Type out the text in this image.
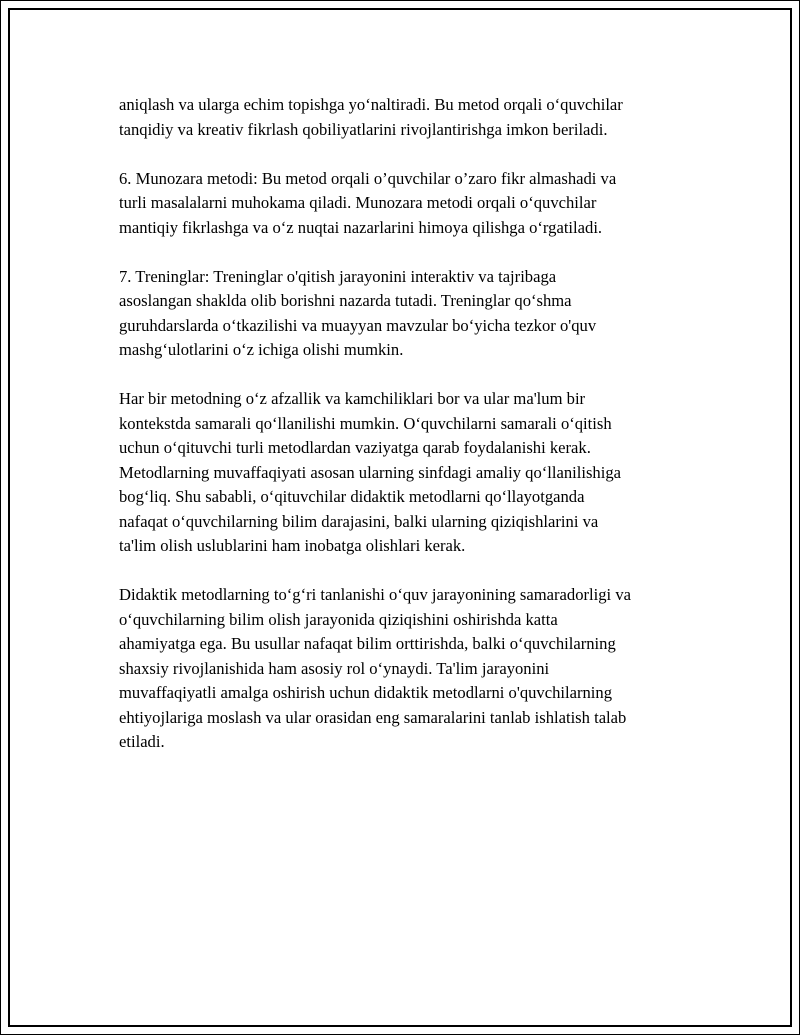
aniqlash va ularga echim topishga yo‘naltiradi. Bu metod orqali o‘quvchilar
tanqidiy va kreativ fikrlash qobiliyatlarini rivojlantirishga imkon beriladi.

6. Munozara metodi: Bu metod orqali o’quvchilar o’zaro fikr almashadi va
turli masalalarni muhokama qiladi. Munozara metodi orqali o‘quvchilar
mantiqiy fikrlashga va o‘z nuqtai nazarlarini himoya qilishga o‘rgatiladi.

7. Treninglar: Treninglar o'qitish jarayonini interaktiv va tajribaga
asoslangan shaklda olib borishni nazarda tutadi. Treninglar qo‘shma
guruhdarslarda o‘tkazilishi va muayyan mavzular bo‘yicha tezkor o'quv
mashg‘ulotlarini o‘z ichiga olishi mumkin.

Har bir metodning o‘z afzallik va kamchiliklari bor va ular ma'lum bir
kontekstda samarali qo‘llanilishi mumkin. O‘quvchilarni samarali o‘qitish
uchun o‘qituvchi turli metodlardan vaziyatga qarab foydalanishi kerak.
Metodlarning muvaffaqiyati asosan ularning sinfdagi amaliy qo‘llanilishiga
bog‘liq. Shu sababli, o‘qituvchilar didaktik metodlarni qo‘llayotganda
nafaqat o‘quvchilarning bilim darajasini, balki ularning qiziqishlarini va
ta'lim olish uslublarini ham inobatga olishlari kerak.

Didaktik metodlarning to‘g‘ri tanlanishi o‘quv jarayonining samaradorligi va
o‘quvchilarning bilim olish jarayonida qiziqishini oshirishda katta
ahamiyatga ega. Bu usullar nafaqat bilim orttirishda, balki o‘quvchilarning
shaxsiy rivojlanishida ham asosiy rol o‘ynaydi. Ta'lim jarayonini
muvaffaqiyatli amalga oshirish uchun didaktik metodlarni o'quvchilarning
ehtiyojlariga moslash va ular orasidan eng samaralarini tanlab ishlatish talab
etiladi.
